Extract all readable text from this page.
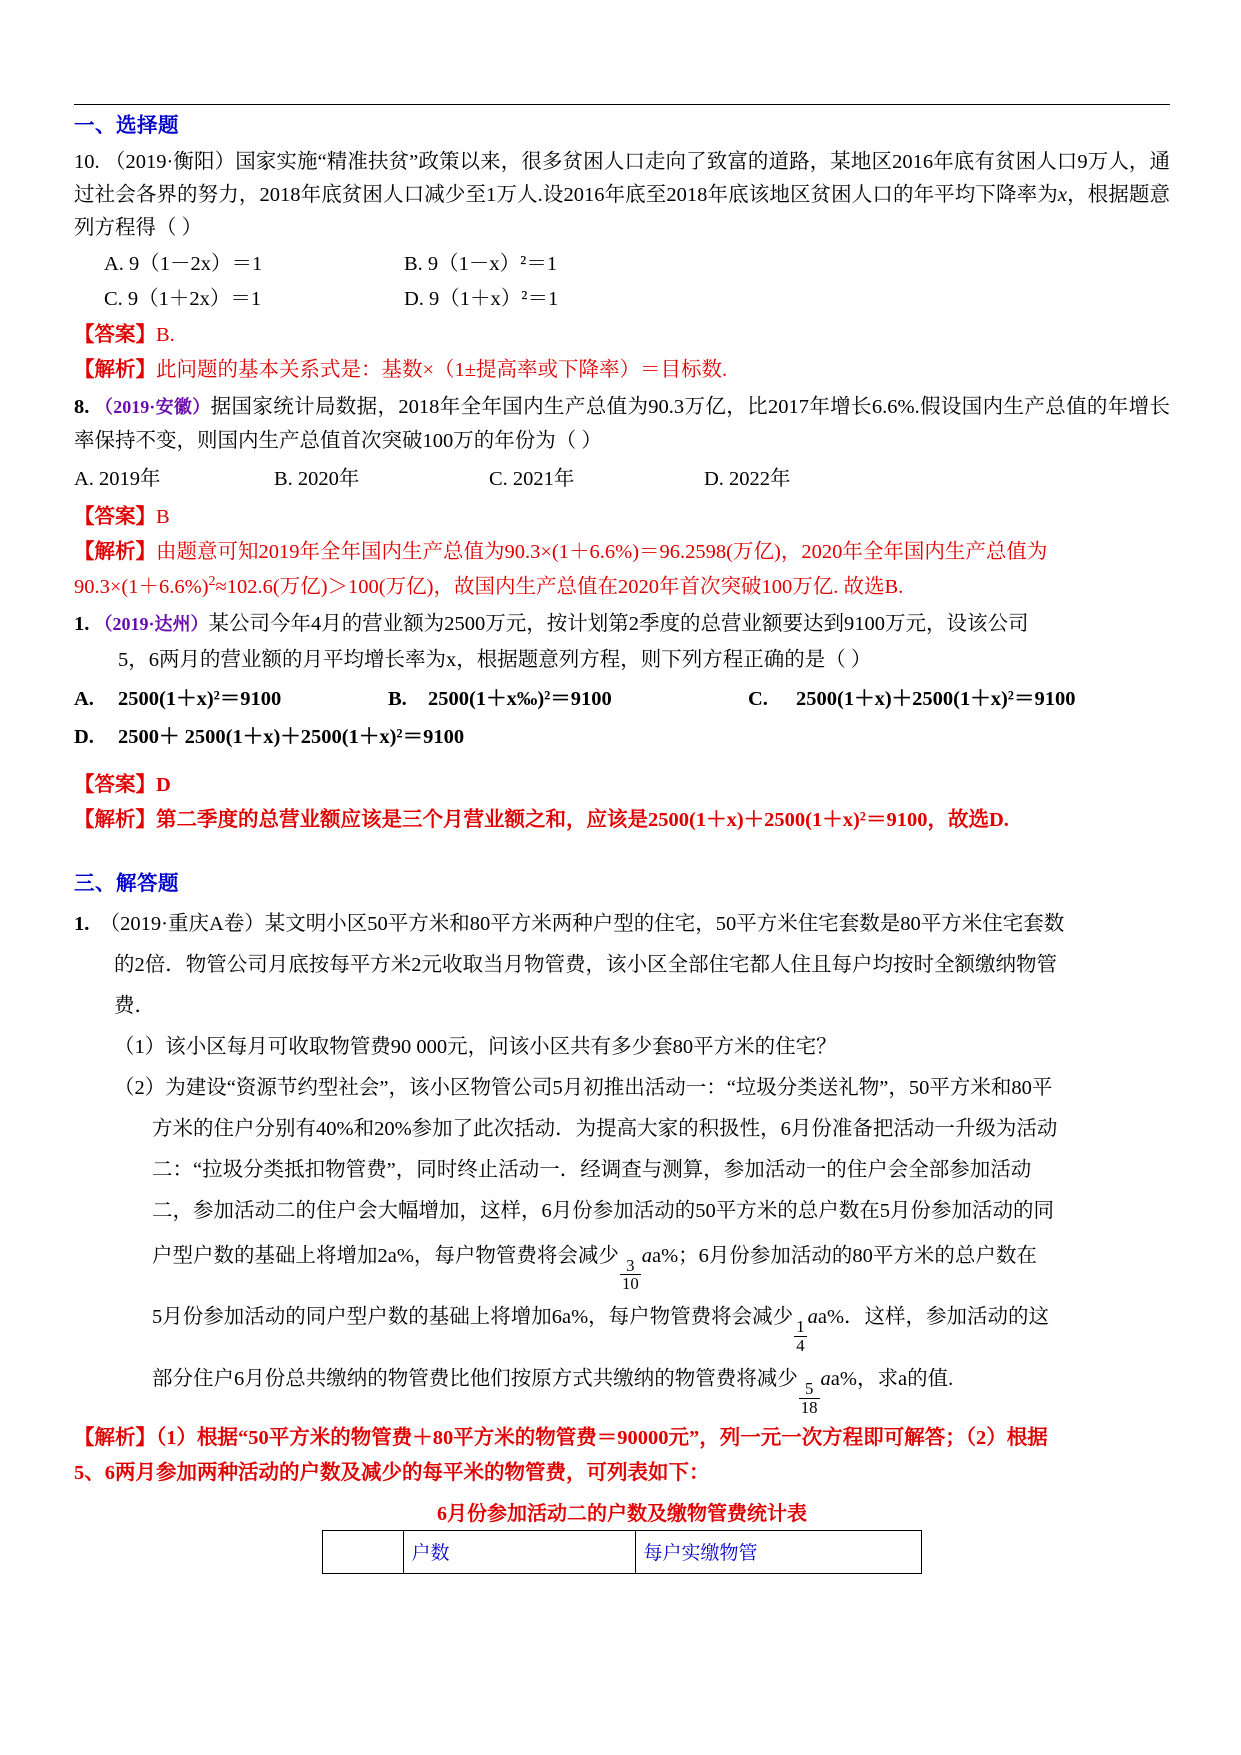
一、选择题
10. （2019·衡阳）国家实施“精准扶贫”政策以来，很多贫困人口走向了致富的道路，某地区2016年底有贫困人口9万人，通过社会各界的努力，2018年底贫困人口减少至1万人.设2016年底至2018年底该地区贫困人口的年平均下降率为x，根据题意列方程得（ ）
A. 9（1－2x）＝1	B. 9（1－x）²＝1
C. 9（1＋2x）＝1	D. 9（1＋x）²＝1
【答案】B.
【解析】此问题的基本关系式是：基数×（1±提高率或下降率）＝目标数.
8. （2019·安徽）据国家统计局数据，2018年全年国内生产总值为90.3万亿，比2017年增长6.6%.假设国内生产总值的年增长率保持不变，则国内生产总值首次突破100万的年份为（ ）
A. 2019年	B. 2020年	C. 2021年	D. 2022年
【答案】B
【解析】由题意可知2019年全年国内生产总值为90.3×(1＋6.6%)＝96.2598(万亿)，2020年全年国内生产总值为
$90.3\times(1+6.6\%)^2\approx 102.6$(万亿)＞100(万亿)，故国内生产总值在2020年首次突破100万亿. 故选B.
1. （2019·达州）某公司今年4月的营业额为2500万元，按计划第2季度的总营业额要达到9100万元，设该公司
5，6两月的营业额的月平均增长率为x，根据题意列方程，则下列方程正确的是（ ）
A.	2500(1＋x)²＝9100	B.	2500(1＋x‰)²＝9100	C.	2500(1＋x)＋2500(1＋x)²＝9100
D.	2500＋ 2500(1＋x)＋2500(1＋x)²＝9100
【答案】D
【解析】第二季度的总营业额应该是三个月营业额之和，应该是2500(1＋x)＋2500(1＋x)²＝9100，故选D.
三、解答题
1. （2019·重庆A卷）某文明小区50平方米和80平方米两种户型的住宅，50平方米住宅套数是80平方米住宅套数
的2倍．物管公司月底按每平方米2元收取当月物管费，该小区全部住宅都人住且每户均按时全额缴纳物管
费．
（1）该小区每月可收取物管费90 000元，问该小区共有多少套80平方米的住宅？
（2）为建设“资源节约型社会”，该小区物管公司5月初推出活动一：“垃圾分类送礼物”，50平方米和80平
方米的住户分别有40%和20%参加了此次括动．为提高大家的积扱性，6月份准备把活动一升级为活动
二：“拉圾分类抵扣物管费”，同时终止活动一．经调查与测算，参加活动一的住户会全部参加活动
二，参加活动二的住户会大幅增加，这样，6月份参加活动的50平方米的总户数在5月份参加活动的同
户型户数的基础上将增加2a%，每户物管费将会减少
$\frac{3}{10}$
aa%；6月份参加活动的80平方米的总户数在
5月份参加活动的同户型户数的基础上将增加6a%，每户物管费将会减少
$\frac{1}{4}$
aa%．这样，参加活动的这
部分住户6月份总共缴纳的物管费比他们按原方式共缴纳的物管费将减少
$\frac{5}{18}$
aa%，求a的值.
【解析】（1）根据“50平方米的物管费＋80平方米的物管费＝90000元”，列一元一次方程即可解答；（2）根据
5、6两月参加两种活动的户数及减少的每平米的物管费，可列表如下：
6月份参加活动二的户数及缴物管费统计表
	户数	每户实缴物管
